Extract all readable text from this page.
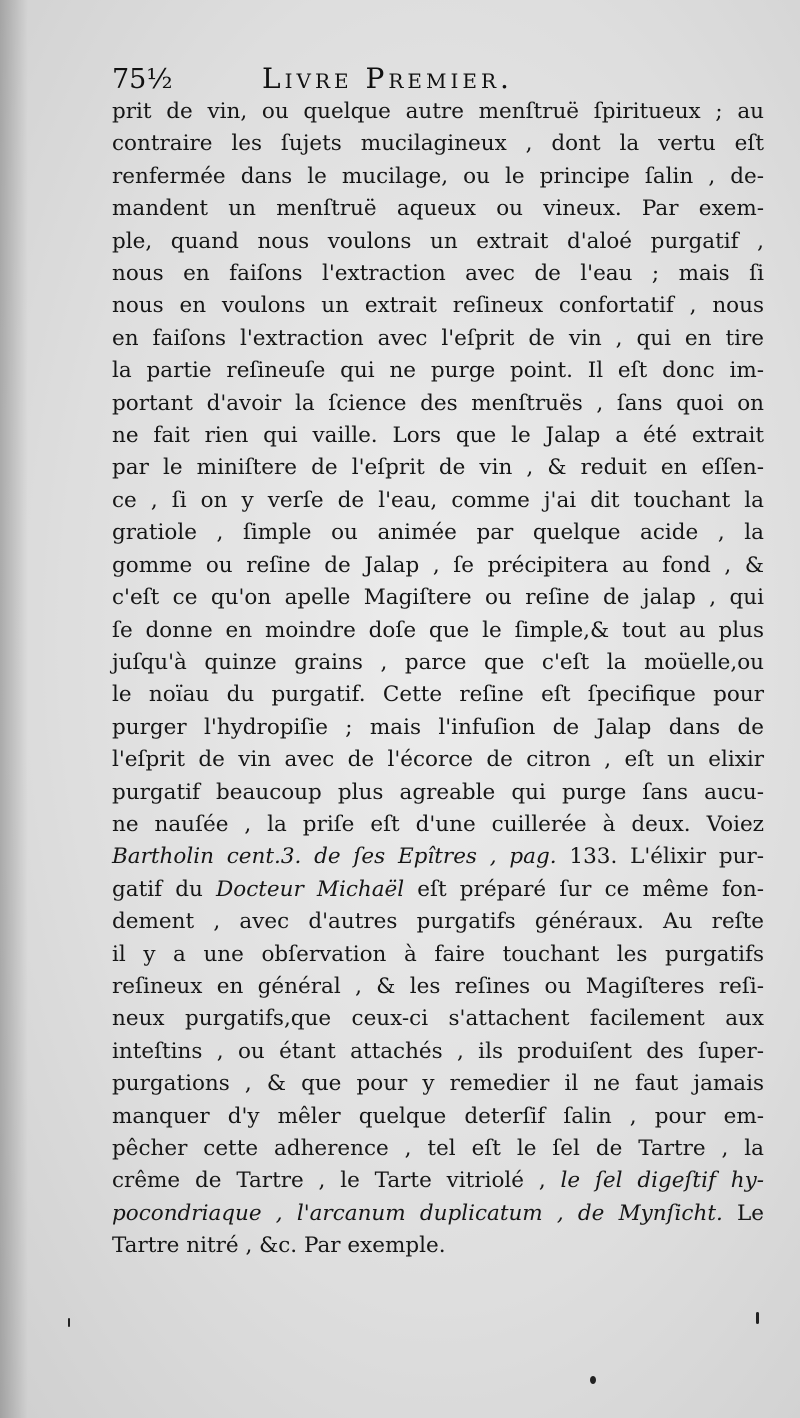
75½	Livre Premier.
prit de vin, ou quelque autre menſtruë ſpiritueux ; au
contraire les ſujets mucilagineux , dont la vertu eſt
renfermée dans le mucilage, ou le principe ſalin , de-
mandent un menſtruë aqueux ou vineux. Par exem-
ple, quand nous voulons un extrait d'aloé purgatif ,
nous en faiſons l'extraction avec de l'eau ; mais ſi
nous en voulons un extrait reſineux confortatif , nous
en faiſons l'extraction avec l'eſprit de vin , qui en tire
la partie reſineuſe qui ne purge point. Il eſt donc im-
portant d'avoir la ſcience des menſtruës , ſans quoi on
ne fait rien qui vaille. Lors que le Jalap a été extrait
par le miniſtere de l'eſprit de vin , & reduit en eſſen-
ce , ſi on y verſe de l'eau, comme j'ai dit touchant la
gratiole , ſimple ou animée par quelque acide , la
gomme ou reſine de Jalap , ſe précipitera au fond , &
c'eſt ce qu'on apelle Magiſtere ou reſine de jalap , qui
ſe donne en moindre doſe que le ſimple,& tout au plus
juſqu'à quinze grains , parce que c'eſt la moüelle,ou
le noïau du purgatif. Cette reſine eſt ſpecifique pour
purger l'hydropiſie ; mais l'infuſion de Jalap dans de
l'eſprit de vin avec de l'écorce de citron , eſt un elixir
purgatif beaucoup plus agreable qui purge ſans aucu-
ne nauſée , la priſe eſt d'une cuillerée à deux. Voiez
Bartholin cent.3. de ſes Epîtres , pag. 133. L'élixir pur-
gatif du Docteur Michaël eſt préparé ſur ce même fon-
dement , avec d'autres purgatifs généraux. Au reſte
il y a une obſervation à faire touchant les purgatifs
reſineux en général , & les reſines ou Magiſteres reſi-
neux purgatifs,que ceux-ci s'attachent facilement aux
inteſtins , ou étant attachés , ils produiſent des ſuper-
purgations , & que pour y remedier il ne faut jamais
manquer d'y mêler quelque deterſif ſalin , pour em-
pêcher cette adherence , tel eſt le ſel de Tartre , la
crême de Tartre , le Tarte vitriolé , le ſel digeſtif hy-
pocondriaque , l'arcanum duplicatum , de Mynſicht. Le
Tartre nitré , &c. Par exemple.
